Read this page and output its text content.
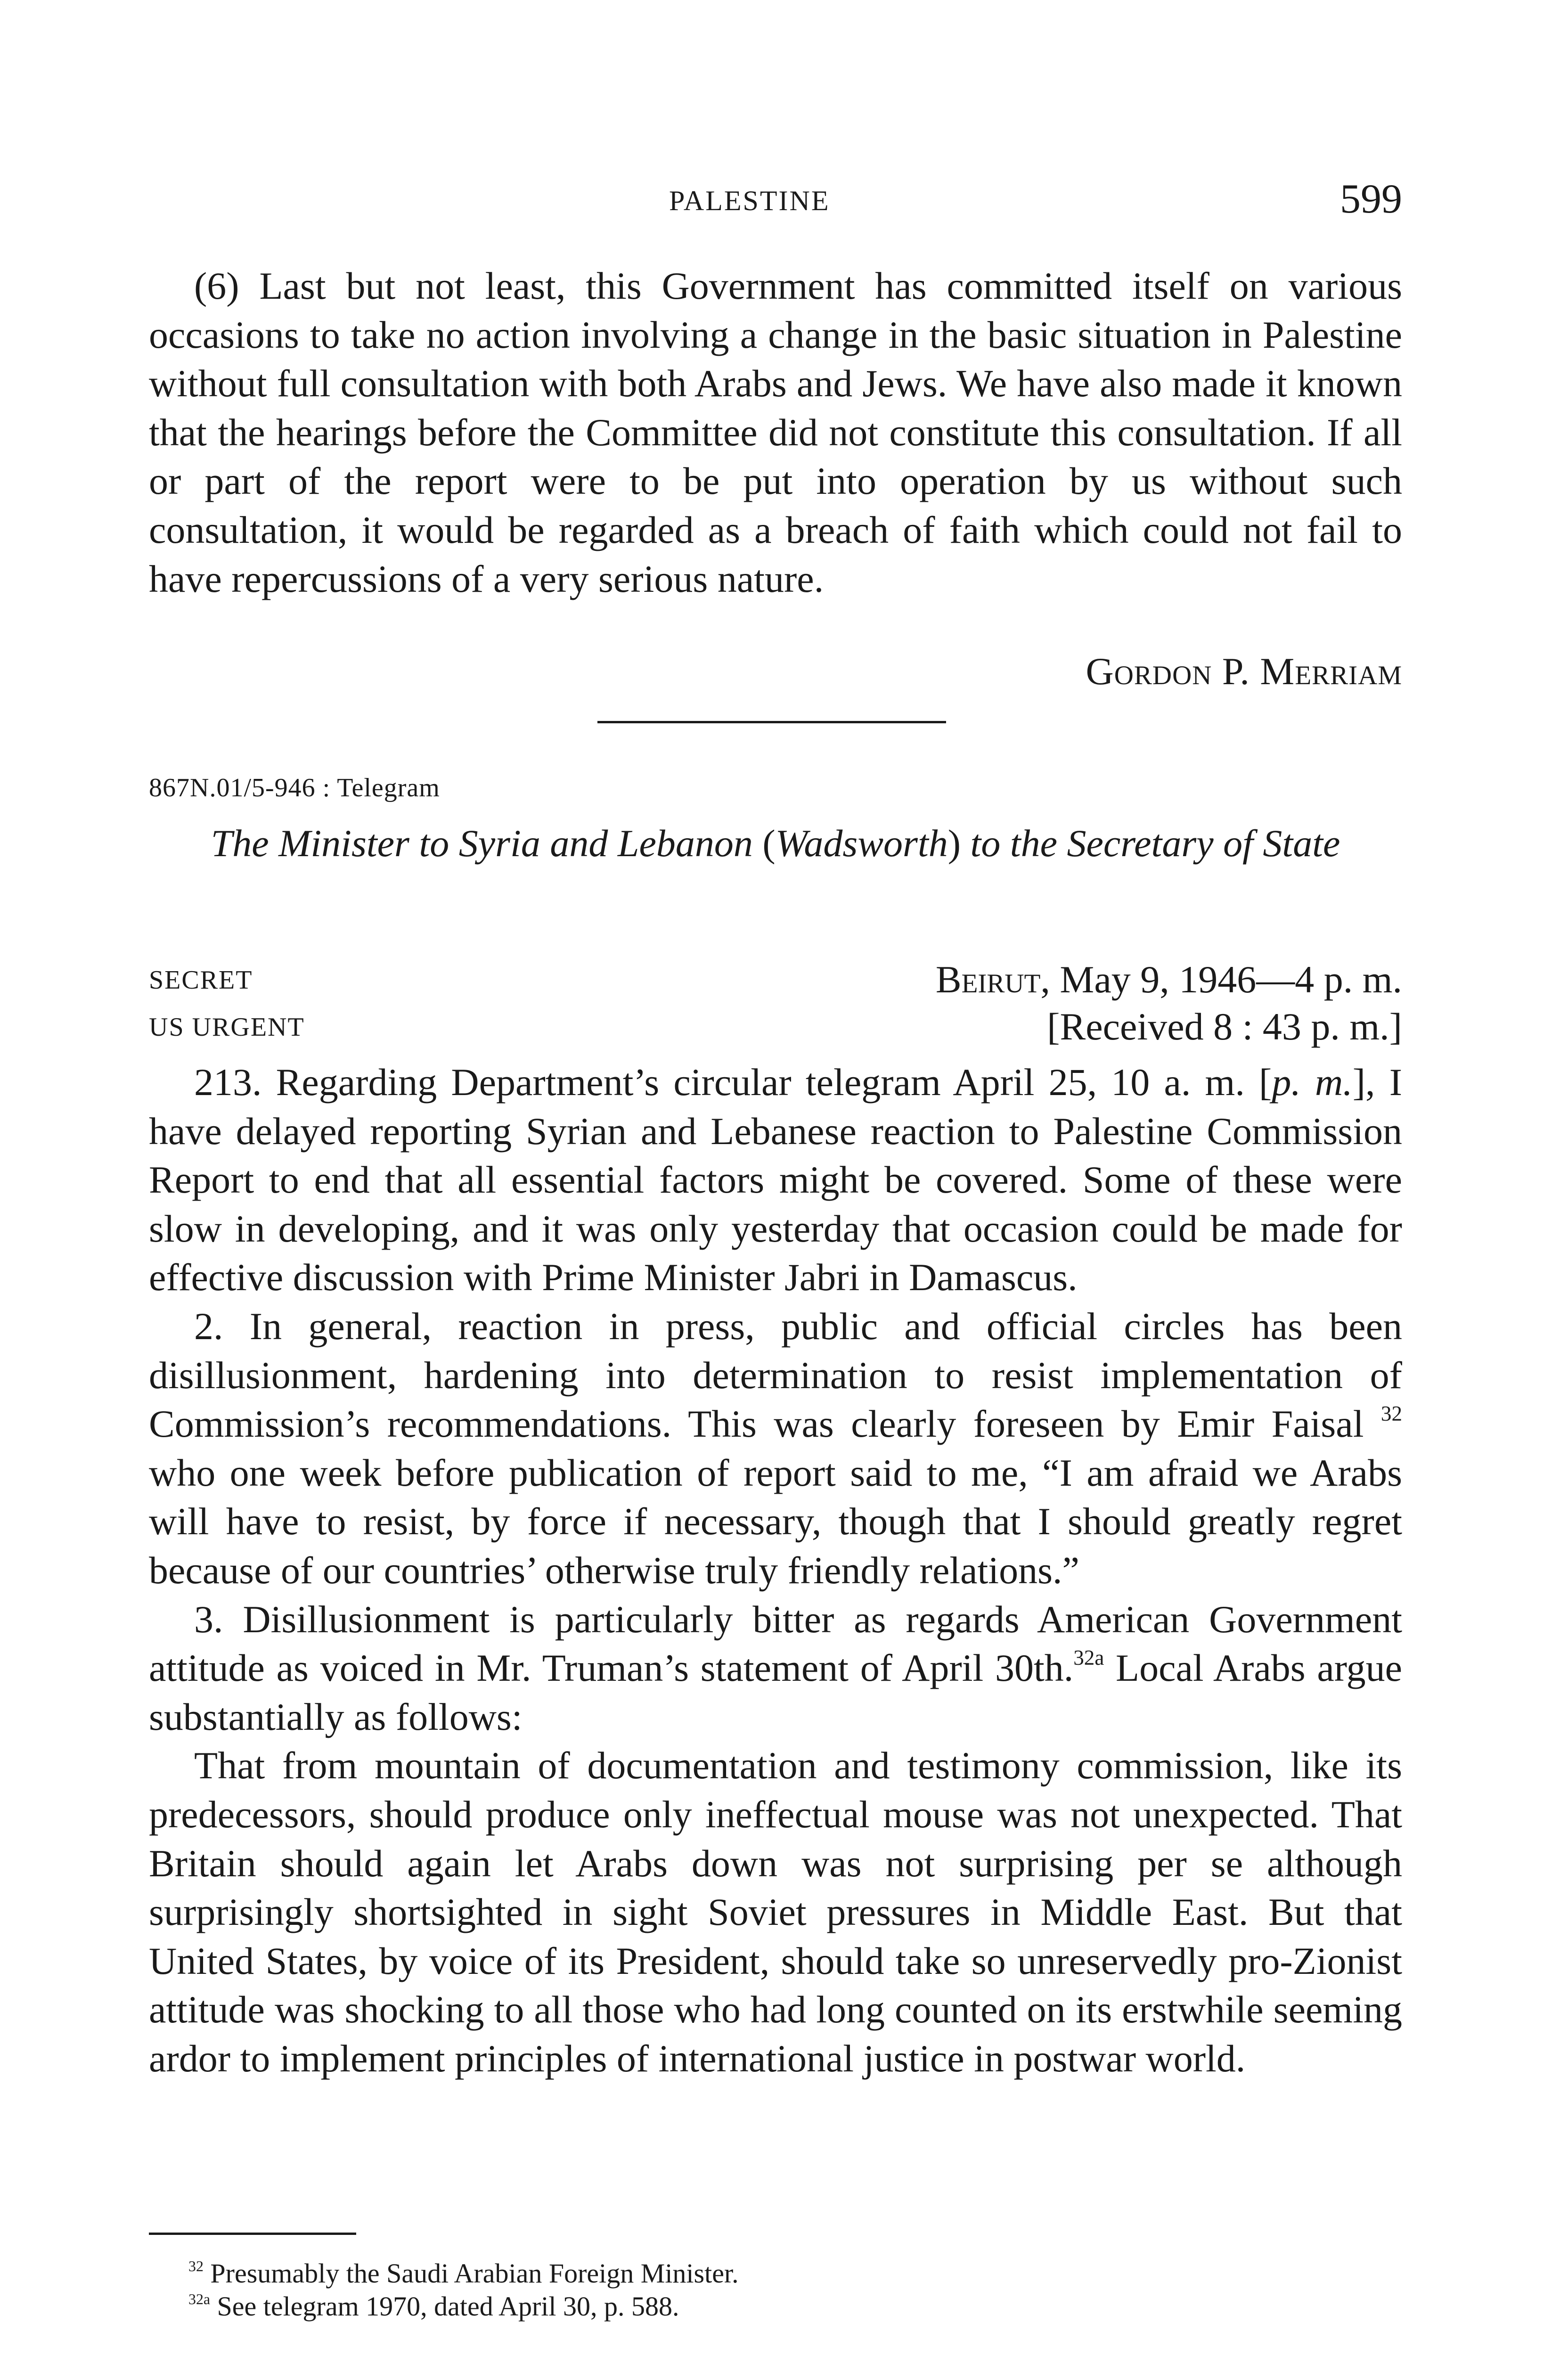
PALESTINE	599

(6) Last but not least, this Government has committed itself on various occasions to take no action involving a change in the basic situation in Palestine without full consultation with both Arabs and Jews. We have also made it known that the hearings before the Committee did not constitute this consultation. If all or part of the report were to be put into operation by us without such consultation, it would be regarded as a breach of faith which could not fail to have repercussions of a very serious nature.

Gordon P. Merriam
867N.01/5-946 : Telegram
The Minister to Syria and Lebanon (Wadsworth) to the Secretary of State
SECRET	Beirut, May 9, 1946—4 p. m.
US URGENT	[Received 8 : 43 p. m.]

213. Regarding Department’s circular telegram April 25, 10 a. m. [p. m.], I have delayed reporting Syrian and Lebanese reaction to Palestine Commission Report to end that all essential factors might be covered. Some of these were slow in developing, and it was only yesterday that occasion could be made for effective discussion with Prime Minister Jabri in Damascus.

2. In general, reaction in press, public and official circles has been disillusionment, hardening into determination to resist implementation of Commission’s recommendations. This was clearly foreseen by Emir Faisal $^{32}$ who one week before publication of report said to me, “I am afraid we Arabs will have to resist, by force if necessary, though that I should greatly regret because of our countries’ otherwise truly friendly relations.”

3. Disillusionment is particularly bitter as regards American Government attitude as voiced in Mr. Truman’s statement of April 30th.$^{32a}$ Local Arabs argue substantially as follows:

That from mountain of documentation and testimony commission, like its predecessors, should produce only ineffectual mouse was not unexpected. That Britain should again let Arabs down was not surprising per se although surprisingly shortsighted in sight Soviet pressures in Middle East. But that United States, by voice of its President, should take so unreservedly pro-Zionist attitude was shocking to all those who had long counted on its erstwhile seeming ardor to implement principles of international justice in postwar world.

$^{32}$ Presumably the Saudi Arabian Foreign Minister.
$^{32a}$ See telegram 1970, dated April 30, p. 588.
